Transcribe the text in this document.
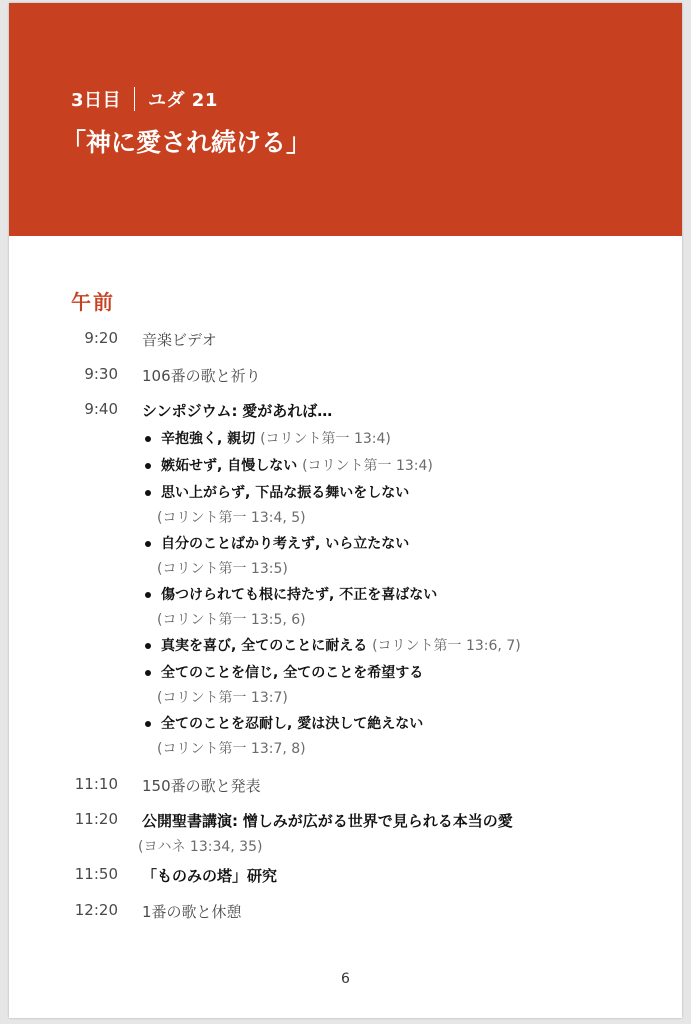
3日目 ユダ 21
「神に愛され続ける」
午前
9:20 音楽ビデオ
9:30 106番の歌と祈り
9:40 シンポジウム: 愛があれば…
辛抱強く, 親切 (コリント第一 13:4)
嫉妬せず, 自慢しない (コリント第一 13:4)
思い上がらず, 下品な振る舞いをしない
(コリント第一 13:4, 5)
自分のことばかり考えず, いら立たない
(コリント第一 13:5)
傷つけられても根に持たず, 不正を喜ばない
(コリント第一 13:5, 6)
真実を喜び, 全てのことに耐える (コリント第一 13:6, 7)
全てのことを信じ, 全てのことを希望する
(コリント第一 13:7)
全てのことを忍耐し, 愛は決して絶えない
(コリント第一 13:7, 8)
11:10 150番の歌と発表
11:20 公開聖書講演: 憎しみが広がる世界で見られる本当の愛
(ヨハネ 13:34, 35)
11:50 「ものみの塔」研究
12:20 1番の歌と休憩
6
